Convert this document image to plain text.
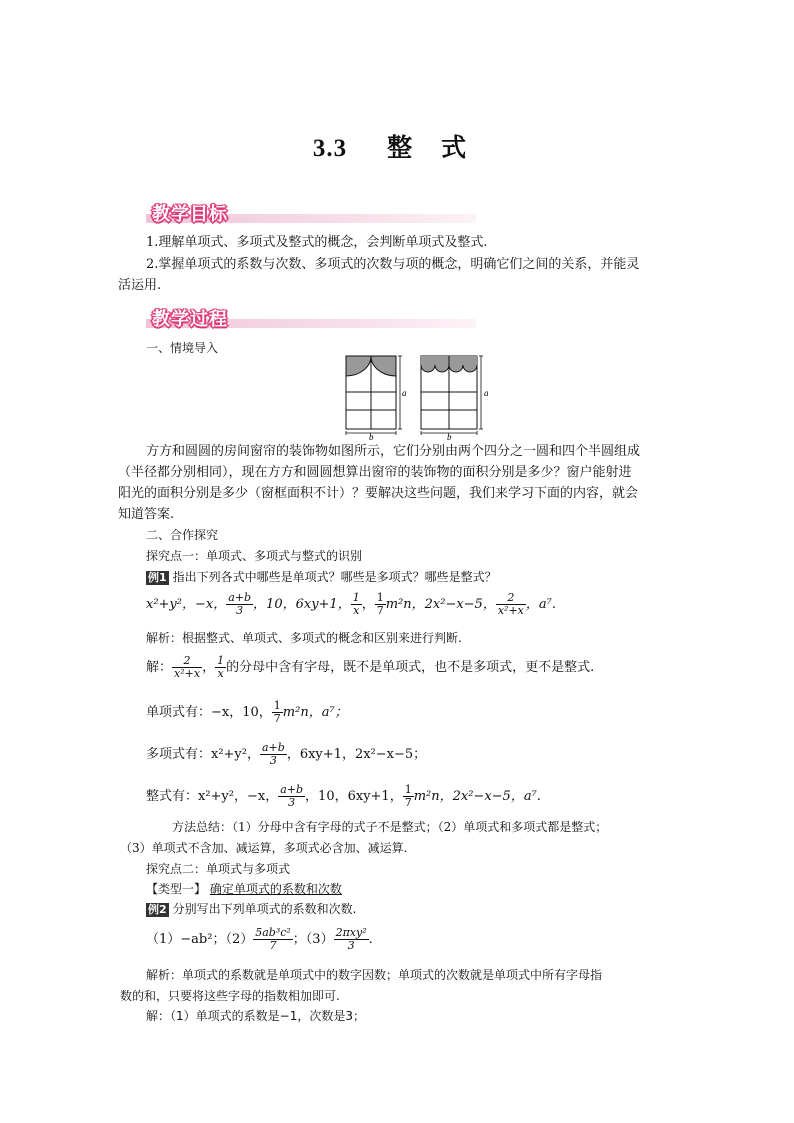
3.3 整 式
教学目标
1.理解单项式、多项式及整式的概念，会判断单项式及整式.
2.掌握单项式的系数与次数、多项式的次数与项的概念，明确它们之间的关系，并能灵
活运用.
教学过程
一、情境导入
a
b
a
b
方方和圆圆的房间窗帘的装饰物如图所示，它们分别由两个四分之一圆和四个半圆组成
（半径都分别相同），现在方方和圆圆想算出窗帘的装饰物的面积分别是多少？窗户能射进
阳光的面积分别是多少（窗框面积不计）？要解决这些问题，我们来学习下面的内容，就会
知道答案.
二、合作探究
探究点一：单项式、多项式与整式的识别
例1 指出下列各式中哪些是单项式？哪些是多项式？哪些是整式？
x²+y²，−x， $\frac{a+b}{3}$ ，10，6xy+1， $\frac{1}{x}$ ， $\frac{1}{7} m^2n$，2x²−x−5， $\frac{2}{\text{x²+x}}$ ，a⁷.
解析：根据整式、单项式、多项式的概念和区别来进行判断.
解： $\frac{2}{\text{x²+x}}$ ， $\frac{1}{x}$ 的分母中含有字母，既不是单项式，也不是多项式，更不是整式.
单项式有：−x，10， $\frac{1}{7} m^2n$，a⁷；
多项式有：x²+y²， $\frac{a+b}{3}$ ，6xy+1，2x²−x−5；
整式有：x²+y²，−x， $\frac{a+b}{3}$ ，10，6xy+1， $\frac{1}{7} m^2n$，2x²−x−5，a⁷.
方法总结：（1）分母中含有字母的式子不是整式；（2）单项式和多项式都是整式；
（3）单项式不含加、减运算，多项式必含加、减运算.
探究点二：单项式与多项式
【类型一】 确定单项式的系数和次数
例2 分别写出下列单项式的系数和次数.
（1）−ab²；$(2) \frac{\text{5ab³c²}}{7}$ ；$(3) \frac{\text{2πxy²}}{3}$ .
解析：单项式的系数就是单项式中的数字因数；单项式的次数就是单项式中所有字母指
数的和，只要将这些字母的指数相加即可.
解：（1）单项式的系数是−1，次数是3；
